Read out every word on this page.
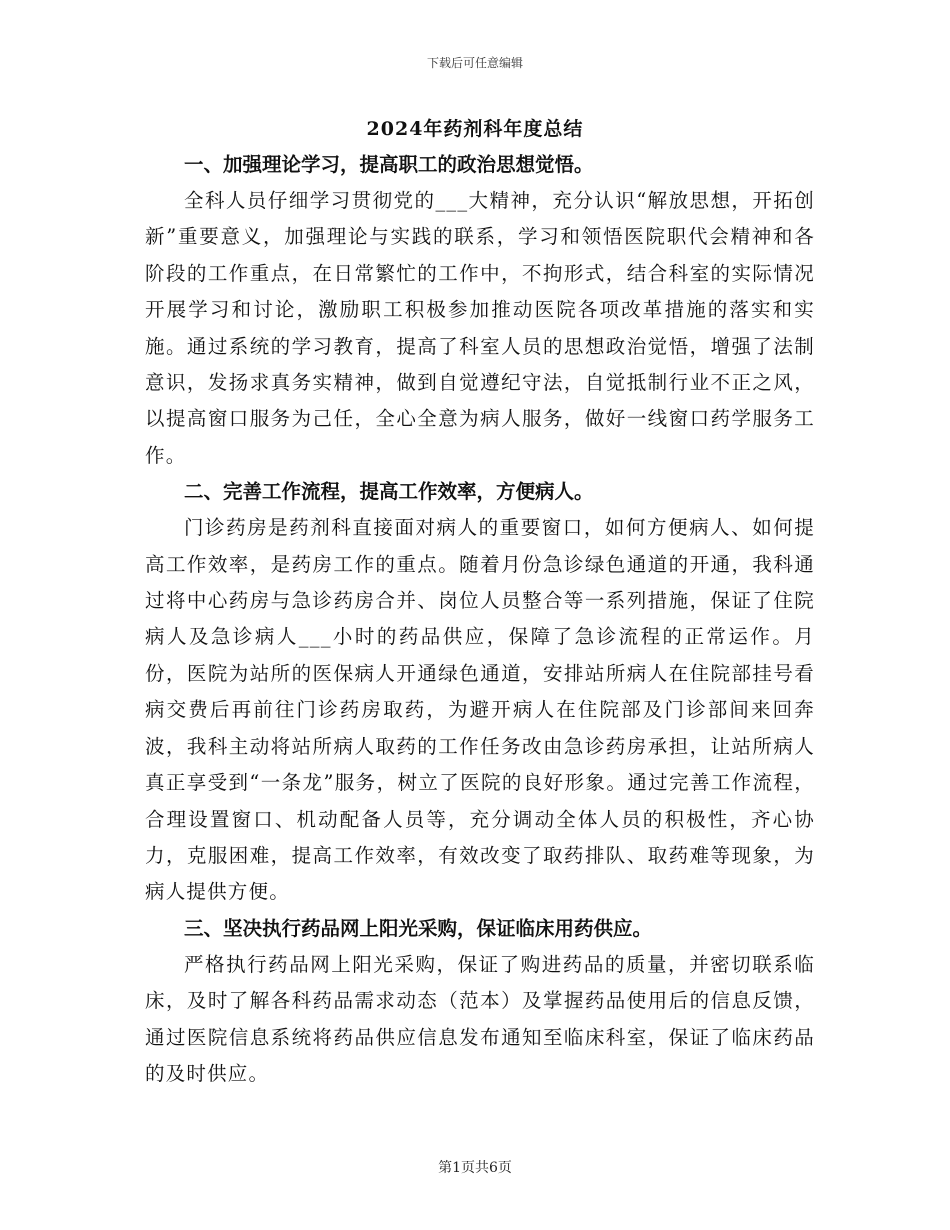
下载后可任意编辑
2024年药剂科年度总结

一、加强理论学习，提高职工的政治思想觉悟。

全科人员仔细学习贯彻党的___大精神，充分认识“解放思想，开拓创新”重要意义，加强理论与实践的联系，学习和领悟医院职代会精神和各阶段的工作重点，在日常繁忙的工作中，不拘形式，结合科室的实际情况开展学习和讨论，激励职工积极参加推动医院各项改革措施的落实和实施。通过系统的学习教育，提高了科室人员的思想政治觉悟，增强了法制意识，发扬求真务实精神，做到自觉遵纪守法，自觉抵制行业不正之风，以提高窗口服务为己任，全心全意为病人服务，做好一线窗口药学服务工作。

二、完善工作流程，提高工作效率，方便病人。

门诊药房是药剂科直接面对病人的重要窗口，如何方便病人、如何提高工作效率，是药房工作的重点。随着月份急诊绿色通道的开通，我科通过将中心药房与急诊药房合并、岗位人员整合等一系列措施，保证了住院病人及急诊病人___小时的药品供应，保障了急诊流程的正常运作。月份，医院为站所的医保病人开通绿色通道，安排站所病人在住院部挂号看病交费后再前往门诊药房取药，为避开病人在住院部及门诊部间来回奔波，我科主动将站所病人取药的工作任务改由急诊药房承担，让站所病人真正享受到“一条龙”服务，树立了医院的良好形象。通过完善工作流程，合理设置窗口、机动配备人员等，充分调动全体人员的积极性，齐心协力，克服困难，提高工作效率，有效改变了取药排队、取药难等现象，为病人提供方便。

三、坚决执行药品网上阳光采购，保证临床用药供应。

严格执行药品网上阳光采购，保证了购进药品的质量，并密切联系临床，及时了解各科药品需求动态（范本）及掌握药品使用后的信息反馈，通过医院信息系统将药品供应信息发布通知至临床科室，保证了临床药品的及时供应。

第1页共6页
